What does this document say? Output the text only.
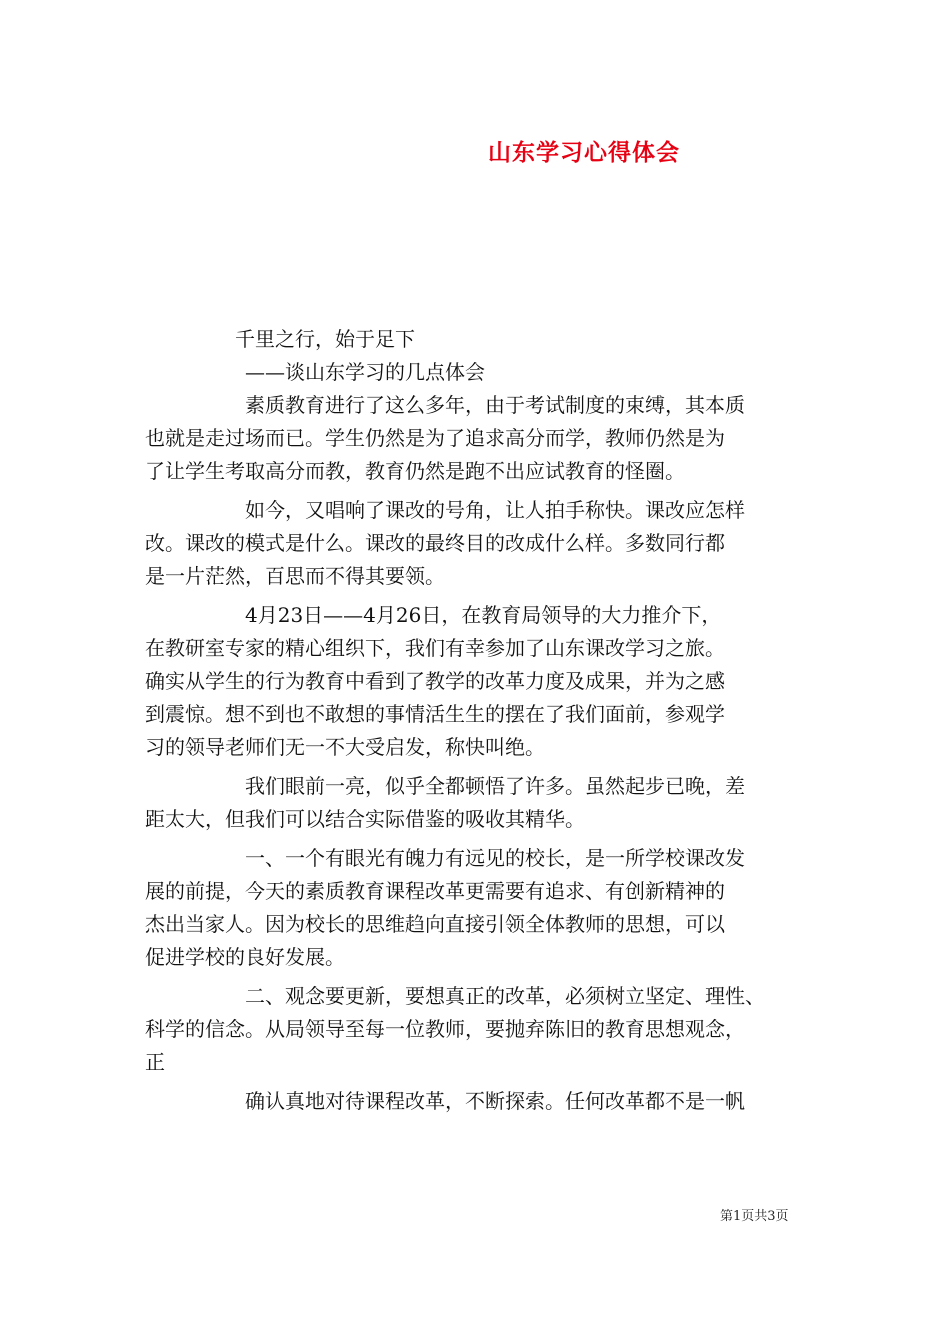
山东学习心得体会
千里之行，始于足下
——谈山东学习的几点体会
素质教育进行了这么多年，由于考试制度的束缚，其本质
也就是走过场而已。学生仍然是为了追求高分而学，教师仍然是为
了让学生考取高分而教，教育仍然是跑不出应试教育的怪圈。
如今，又唱响了课改的号角，让人拍手称快。课改应怎样
改。课改的模式是什么。课改的最终目的改成什么样。多数同行都
是一片茫然，百思而不得其要领。
4月23日——4月26日，在教育局领导的大力推介下，
在教研室专家的精心组织下，我们有幸参加了山东课改学习之旅。
确实从学生的行为教育中看到了教学的改革力度及成果，并为之感
到震惊。想不到也不敢想的事情活生生的摆在了我们面前，参观学
习的领导老师们无一不大受启发，称快叫绝。
我们眼前一亮，似乎全都顿悟了许多。虽然起步已晚，差
距太大，但我们可以结合实际借鉴的吸收其精华。
一、一个有眼光有魄力有远见的校长，是一所学校课改发
展的前提，今天的素质教育课程改革更需要有追求、有创新精神的
杰出当家人。因为校长的思维趋向直接引领全体教师的思想，可以
促进学校的良好发展。
二、观念要更新，要想真正的改革，必须树立坚定、理性、
科学的信念。从局领导至每一位教师，要抛弃陈旧的教育思想观念，
正
确认真地对待课程改革，不断探索。任何改革都不是一帆
第1页共3页
